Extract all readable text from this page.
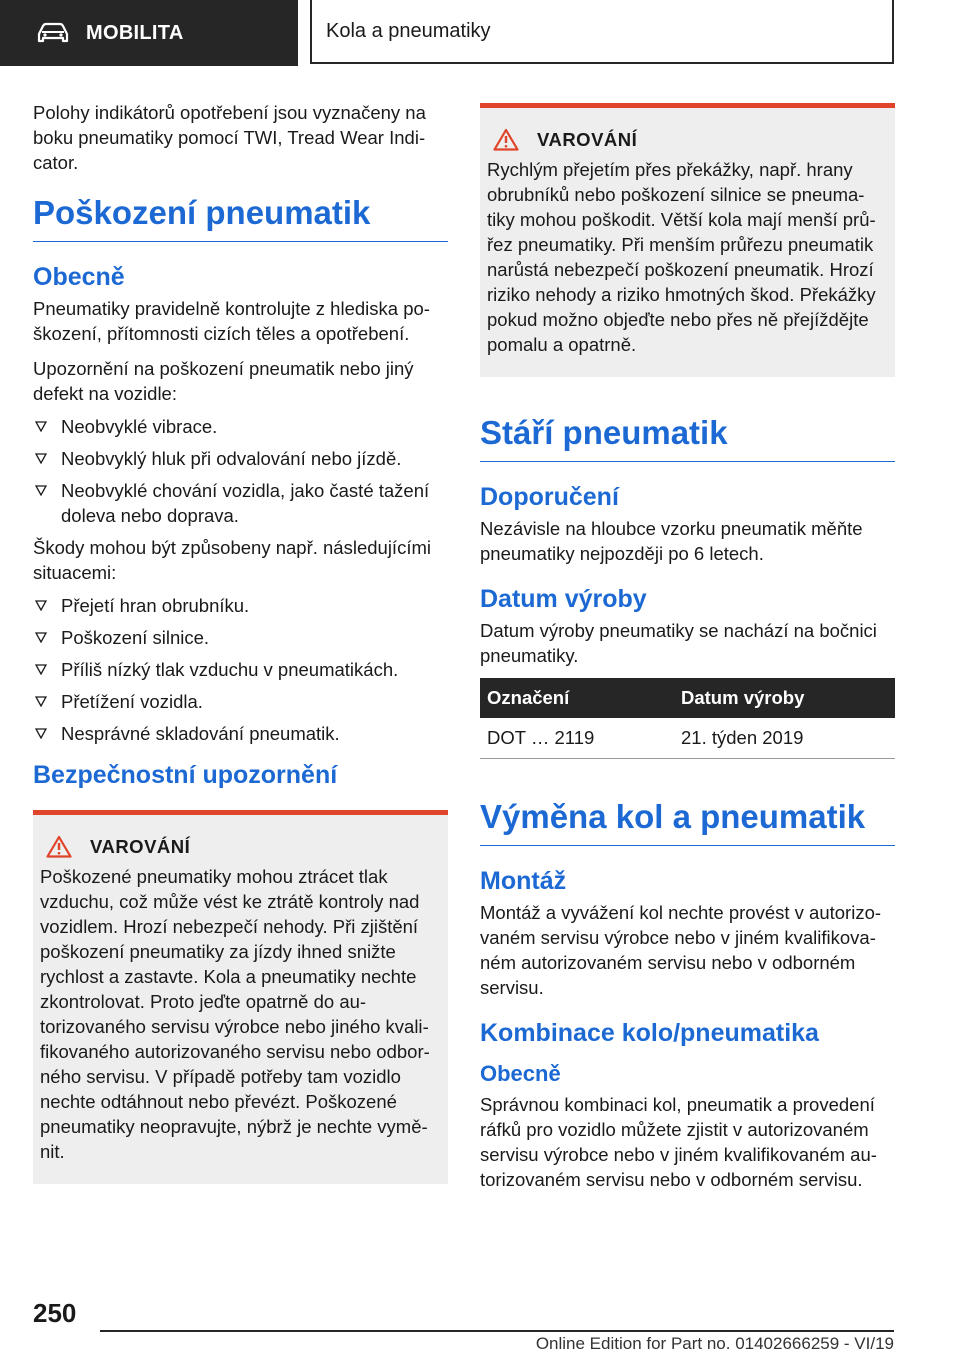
MOBILITA	Kola a pneumatiky

Polohy indikátorů opotřebení jsou vyznačeny na boku pneumatiky pomocí TWI, Tread Wear Indicator.

Poškození pneumatik
Obecně

Pneumatiky pravidelně kontrolujte z hlediska poškození, přítomnosti cizích těles a opotřebení.

Upozornění na poškození pneumatik nebo jiný defekt na vozidle:

Neobvyklé vibrace.
Neobvyklý hluk při odvalování nebo jízdě.
Neobvyklé chování vozidla, jako časté tažení doleva nebo doprava.

Škody mohou být způsobeny např. následujícími situacemi:

Přejetí hran obrubníku.
Poškození silnice.
Příliš nízký tlak vzduchu v pneumatikách.
Přetížení vozidla.
Nesprávné skladování pneumatik.
Bezpečnostní upozornění
VAROVÁNÍ

Poškozené pneumatiky mohou ztrácet tlak vzduchu, což může vést ke ztrátě kontroly nad vozidlem. Hrozí nebezpečí nehody. Při zjištění poškození pneumatiky za jízdy ihned snižte rychlost a zastavte. Kola a pneumatiky nechte zkontrolovat. Proto jeďte opatrně do autorizovaného servisu výrobce nebo jiného kvalifikovaného autorizovaného servisu nebo odborného servisu. V případě potřeby tam vozidlo nechte odtáhnout nebo převézt. Poškozené pneumatiky neopravujte, nýbrž je nechte vyměnit.

VAROVÁNÍ

Rychlým přejetím přes překážky, např. hrany obrubníků nebo poškození silnice se pneumatiky mohou poškodit. Větší kola mají menší průřez pneumatiky. Při menším průřezu pneumatik narůstá nebezpečí poškození pneumatik. Hrozí riziko nehody a riziko hmotných škod. Překážky pokud možno objeďte nebo přes ně přejíždějte pomalu a opatrně.

Stáří pneumatik
Doporučení

Nezávisle na hloubce vzorku pneumatik měňte pneumatiky nejpozději po 6 letech.

Datum výroby

Datum výroby pneumatiky se nachází na bočnici pneumatiky.

Označení	Datum výroby
DOT … 2119	21. týden 2019
Výměna kol a pneumatik
Montáž

Montáž a vyvážení kol nechte provést v autorizovaném servisu výrobce nebo v jiném kvalifikovaném autorizovaném servisu nebo v odborném servisu.

Kombinace kolo/pneumatika
Obecně

Správnou kombinaci kol, pneumatik a provedení ráfků pro vozidlo můžete zjistit v autorizovaném servisu výrobce nebo v jiném kvalifikovaném autorizovaném servisu nebo v odborném servisu.

250
Online Edition for Part no. 01402666259 - VI/19
